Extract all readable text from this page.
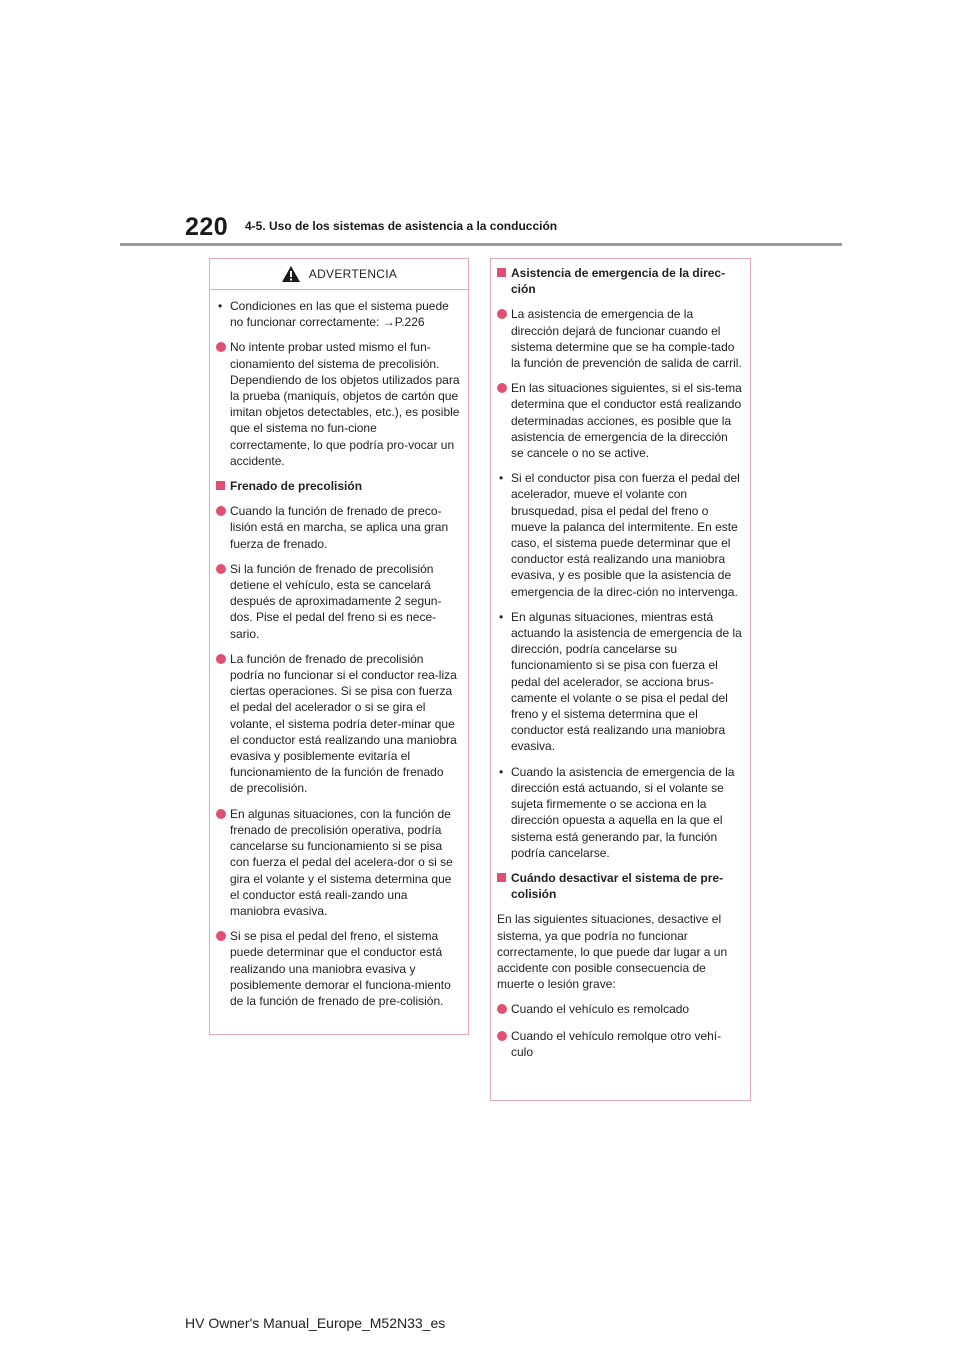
220 4-5. Uso de los sistemas de asistencia a la conducción
ADVERTENCIA
• Condiciones en las que el sistema puede no funcionar correctamente: →P.226
No intente probar usted mismo el fun-cionamiento del sistema de precolisión. Dependiendo de los objetos utilizados para la prueba (maniquís, objetos de cartón que imitan objetos detectables, etc.), es posible que el sistema no fun-cione correctamente, lo que podría pro-vocar un accidente.
Frenado de precolisión
Cuando la función de frenado de preco-lisión está en marcha, se aplica una gran fuerza de frenado.
Si la función de frenado de precolisión detiene el vehículo, esta se cancelará después de aproximadamente 2 segun-dos. Pise el pedal del freno si es nece-sario.
La función de frenado de precolisión podría no funcionar si el conductor rea-liza ciertas operaciones. Si se pisa con fuerza el pedal del acelerador o si se gira el volante, el sistema podría deter-minar que el conductor está realizando una maniobra evasiva y posiblemente evitaría el funcionamiento de la función de frenado de precolisión.
En algunas situaciones, con la función de frenado de precolisión operativa, podría cancelarse su funcionamiento si se pisa con fuerza el pedal del acelera-dor o si se gira el volante y el sistema determina que el conductor está reali-zando una maniobra evasiva.
Si se pisa el pedal del freno, el sistema puede determinar que el conductor está realizando una maniobra evasiva y posiblemente demorar el funciona-miento de la función de frenado de pre-colisión.
Asistencia de emergencia de la direc-ción
La asistencia de emergencia de la dirección dejará de funcionar cuando el sistema determine que se ha comple-tado la función de prevención de salida de carril.
En las situaciones siguientes, si el sis-tema determina que el conductor está realizando determinadas acciones, es posible que la asistencia de emergencia de la dirección se cancele o no se active.
• Si el conductor pisa con fuerza el pedal del acelerador, mueve el volante con brusquedad, pisa el pedal del freno o mueve la palanca del intermitente. En este caso, el sistema puede determinar que el conductor está realizando una maniobra evasiva, y es posible que la asistencia de emergencia de la direc-ción no intervenga.
• En algunas situaciones, mientras está actuando la asistencia de emergencia de la dirección, podría cancelarse su funcionamiento si se pisa con fuerza el pedal del acelerador, se acciona brus-camente el volante o se pisa el pedal del freno y el sistema determina que el conductor está realizando una maniobra evasiva.
• Cuando la asistencia de emergencia de la dirección está actuando, si el volante se sujeta firmemente o se acciona en la dirección opuesta a aquella en la que el sistema está generando par, la función podría cancelarse.
Cuándo desactivar el sistema de pre-colisión
En las siguientes situaciones, desactive el sistema, ya que podría no funcionar correctamente, lo que puede dar lugar a un accidente con posible consecuencia de muerte o lesión grave:
Cuando el vehículo es remolcado
Cuando el vehículo remolque otro vehí-culo
HV Owner's Manual_Europe_M52N33_es
